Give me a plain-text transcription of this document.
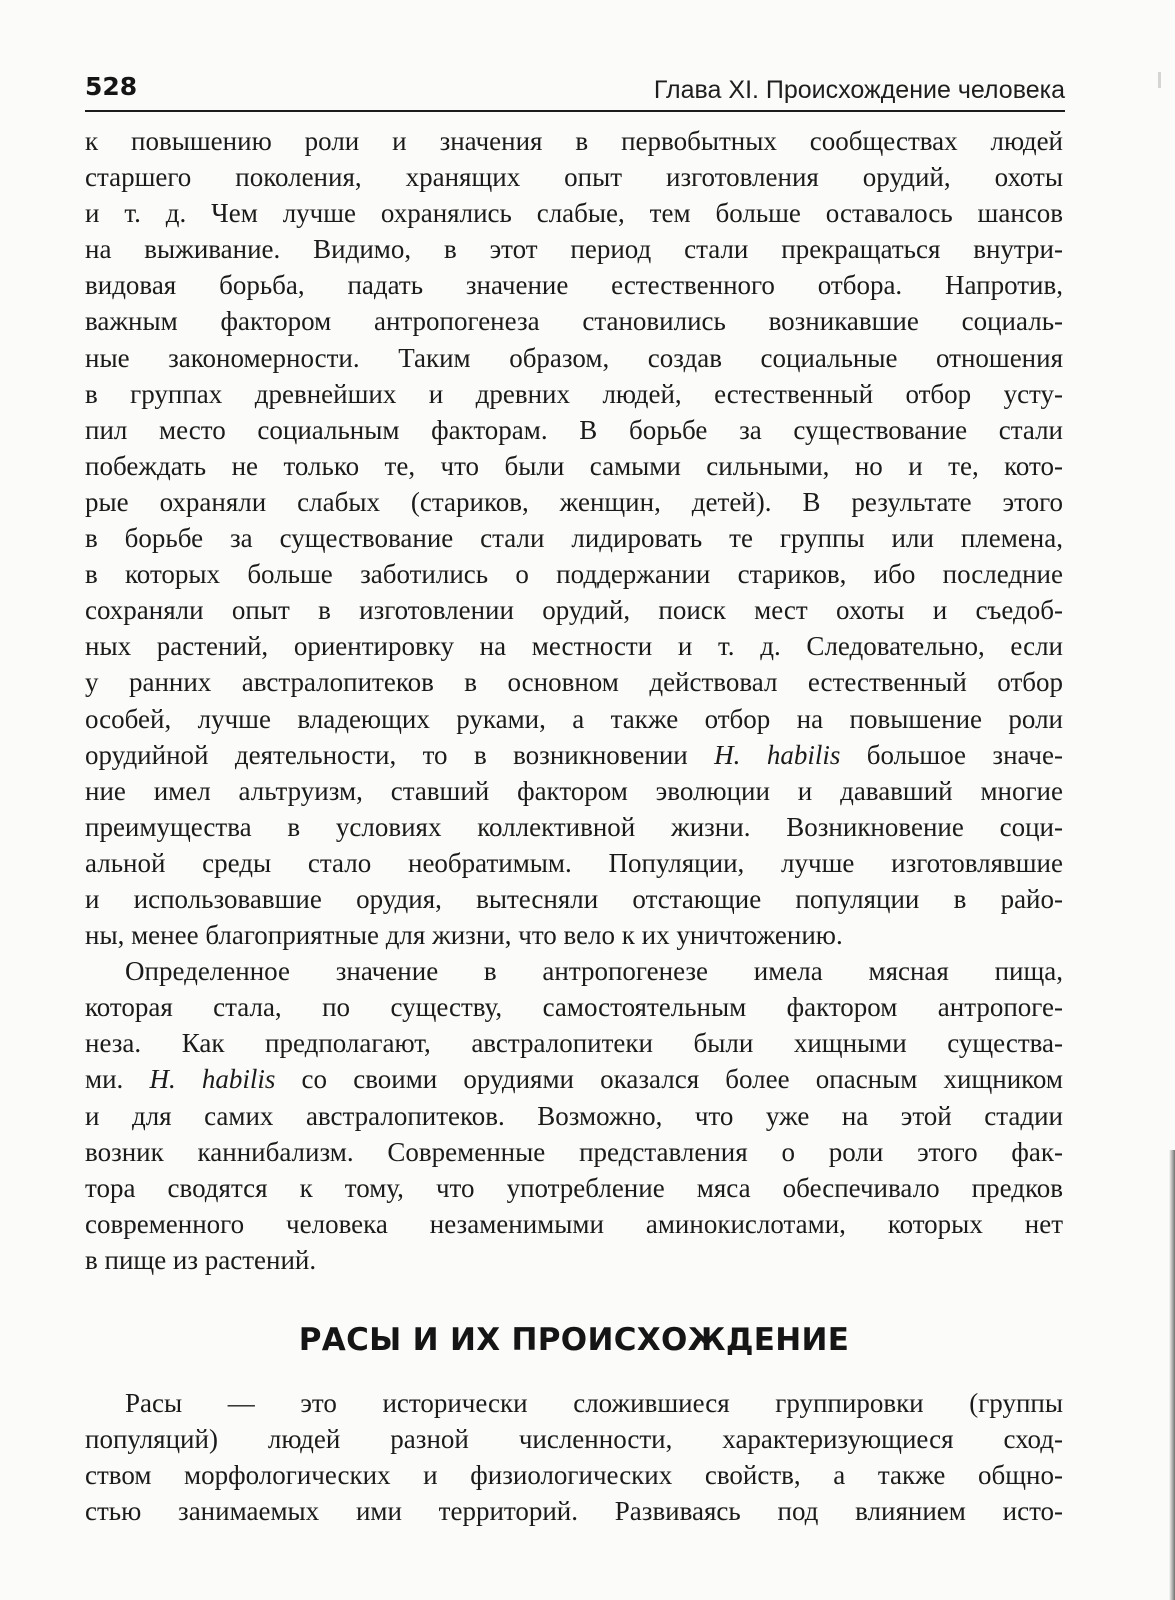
528	Глава XI. Происхождение человека
к повышению роли и значения в первобытных сообществах людей
старшего поколения, хранящих опыт изготовления орудий, охоты
и т. д. Чем лучше охранялись слабые, тем больше оставалось шансов
на выживание. Видимо, в этот период стали прекращаться внутри-
видовая борьба, падать значение естественного отбора. Напротив,
важным фактором антропогенеза становились возникавшие социаль-
ные закономерности. Таким образом, создав социальные отношения
в группах древнейших и древних людей, естественный отбор усту-
пил место социальным факторам. В борьбе за существование стали
побеждать не только те, что были самыми сильными, но и те, кото-
рые охраняли слабых (стариков, женщин, детей). В результате этого
в борьбе за существование стали лидировать те группы или племена,
в которых больше заботились о поддержании стариков, ибо последние
сохраняли опыт в изготовлении орудий, поиск мест охоты и съедоб-
ных растений, ориентировку на местности и т. д. Следовательно, если
у ранних австралопитеков в основном действовал естественный отбор
особей, лучше владеющих руками, а также отбор на повышение роли
орудийной деятельности, то в возникновении H. habilis большое значе-
ние имел альтруизм, ставший фактором эволюции и дававший многие
преимущества в условиях коллективной жизни. Возникновение соци-
альной среды стало необратимым. Популяции, лучше изготовлявшие
и использовавшие орудия, вытесняли отстающие популяции в райо-
ны, менее благоприятные для жизни, что вело к их уничтожению.
Определенное значение в антропогенезе имела мясная пища,
которая стала, по существу, самостоятельным фактором антропоге-
неза. Как предполагают, австралопитеки были хищными существа-
ми. H. habilis со своими орудиями оказался более опасным хищником
и для самих австралопитеков. Возможно, что уже на этой стадии
возник каннибализм. Современные представления о роли этого фак-
тора сводятся к тому, что употребление мяса обеспечивало предков
современного человека незаменимыми аминокислотами, которых нет
в пище из растений.
РАСЫ И ИХ ПРОИСХОЖДЕНИЕ
Расы — это исторически сложившиеся группировки (группы
популяций) людей разной численности, характеризующиеся сход-
ством морфологических и физиологических свойств, а также общно-
стью занимаемых ими территорий. Развиваясь под влиянием исто-
